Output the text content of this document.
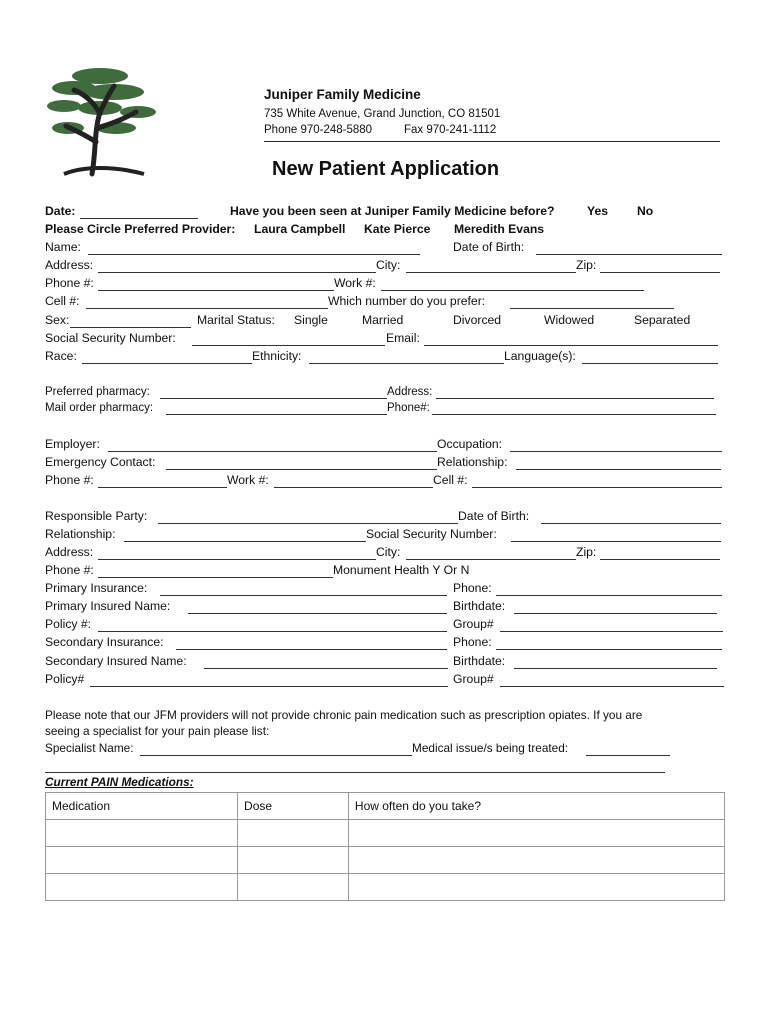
Juniper Family Medicine
735 White Avenue, Grand Junction, CO 81501
Phone 970-248-5880	Fax 970-241-1112
New Patient Application
Date:	Have you been seen at Juniper Family Medicine before?	Yes No
Please Circle Preferred Provider: Laura Campbell Kate Pierce Meredith Evans
Name:	Date of Birth:
Address:	City:	Zip:
Phone #:	Work #:
Cell #:	Which number do you prefer:
Sex:	Marital Status: Single	Married	Divorced	Widowed	Separated
Social Security Number:	Email:
Race:	Ethnicity:	Language(s):
Preferred pharmacy:	Address:
Mail order pharmacy:	Phone#:
Employer:	Occupation:
Emergency Contact:	Relationship:
Phone #:	Work #:	Cell #:
Responsible Party:	Date of Birth:
Relationship:	Social Security Number:
Address:	City:	Zip:
Phone #:	Monument Health Y Or N
Primary Insurance:	Phone:
Primary Insured Name:	Birthdate:
Policy #:	Group#
Secondary Insurance:	Phone:
Secondary Insured Name:	Birthdate:
Policy#	Group#
Please note that our JFM providers will not provide chronic pain medication such as prescription opiates. If you are
seeing a specialist for your pain please list:
Specialist Name:	Medical issue/s being treated:
Current PAIN Medications:
Medication	Dose	How often do you take?
